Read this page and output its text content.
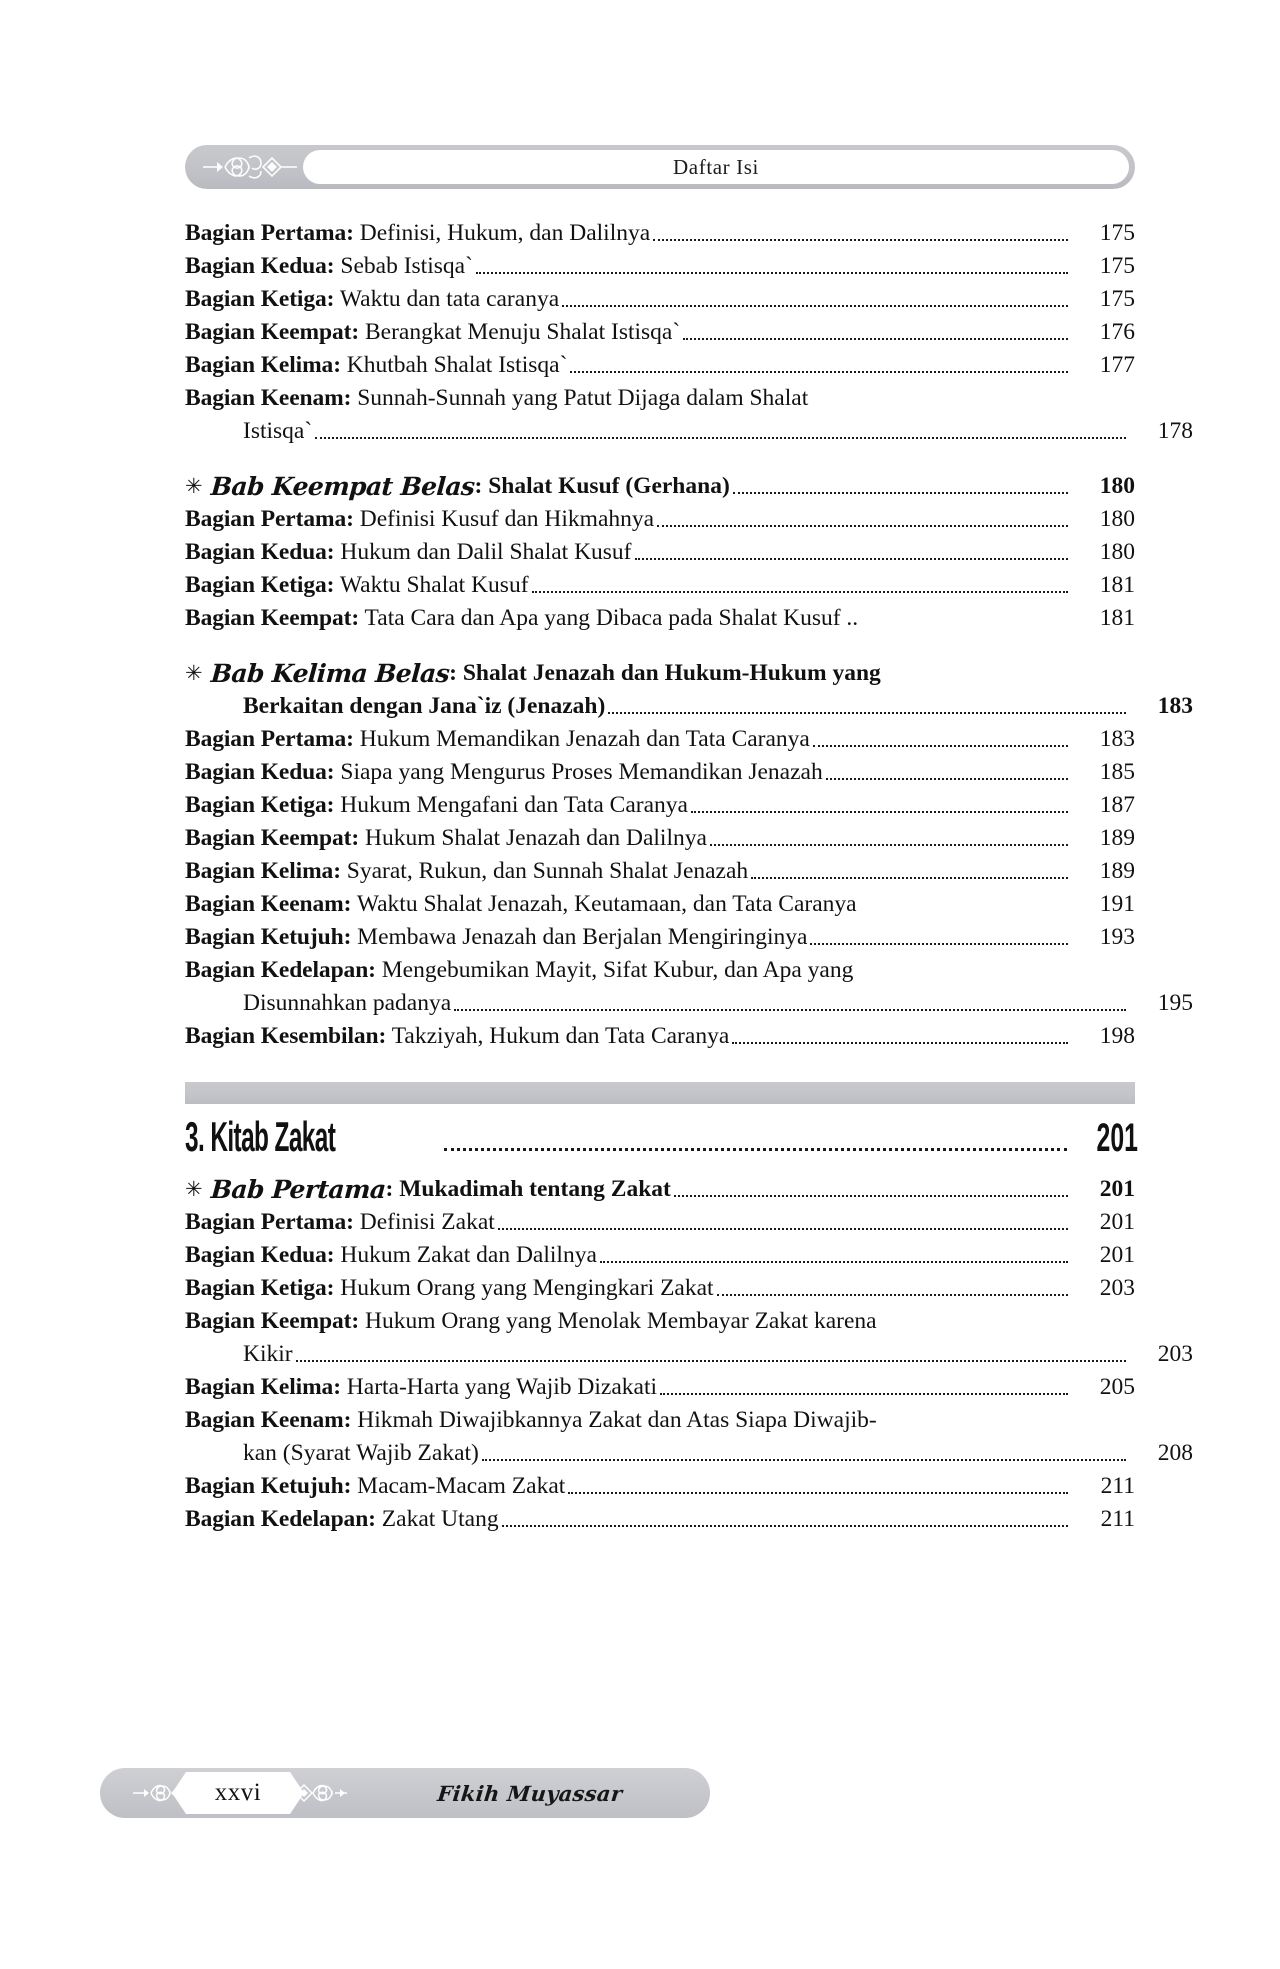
Daftar Isi
Bagian Pertama: Definisi, Hukum, dan Dalilnya	175
Bagian Kedua: Sebab Istisqa`	175
Bagian Ketiga: Waktu dan tata caranya	175
Bagian Keempat: Berangkat Menuju Shalat Istisqa`	176
Bagian Kelima: Khutbah Shalat Istisqa`	177
Bagian Keenam: Sunnah-Sunnah yang Patut Dijaga dalam Shalat
Istisqa`	178
✳ Bab Keempat Belas
: Shalat Kusuf (Gerhana)	180
Bagian Pertama: Definisi Kusuf dan Hikmahnya	180
Bagian Kedua: Hukum dan Dalil Shalat Kusuf	180
Bagian Ketiga: Waktu Shalat Kusuf	181
Bagian Keempat: Tata Cara dan Apa yang Dibaca pada Shalat Kusuf ..	181
✳ Bab Kelima Belas
: Shalat Jenazah dan Hukum-Hukum yang
Berkaitan dengan Jana`iz (Jenazah)	183
Bagian Pertama: Hukum Memandikan Jenazah dan Tata Caranya	183
Bagian Kedua: Siapa yang Mengurus Proses Memandikan Jenazah	185
Bagian Ketiga: Hukum Mengafani dan Tata Caranya	187
Bagian Keempat: Hukum Shalat Jenazah dan Dalilnya	189
Bagian Kelima: Syarat, Rukun, dan Sunnah Shalat Jenazah	189
Bagian Keenam: Waktu Shalat Jenazah, Keutamaan, dan Tata Caranya	191
Bagian Ketujuh: Membawa Jenazah dan Berjalan Mengiringinya	193
Bagian Kedelapan: Mengebumikan Mayit, Sifat Kubur, dan Apa yang
Disunnahkan padanya	195
Bagian Kesembilan: Takziyah, Hukum dan Tata Caranya	198
3. Kitab Zakat	201
✳ Bab Pertama
: Mukadimah tentang Zakat	201
Bagian Pertama: Definisi Zakat	201
Bagian Kedua: Hukum Zakat dan Dalilnya	201
Bagian Ketiga: Hukum Orang yang Mengingkari Zakat	203
Bagian Keempat: Hukum Orang yang Menolak Membayar Zakat karena
Kikir	203
Bagian Kelima: Harta-Harta yang Wajib Dizakati	205
Bagian Keenam: Hikmah Diwajibkannya Zakat dan Atas Siapa Diwajib-
kan (Syarat Wajib Zakat)	208
Bagian Ketujuh: Macam-Macam Zakat	211
Bagian Kedelapan: Zakat Utang	211
xxvi	Fikih Muyassar
